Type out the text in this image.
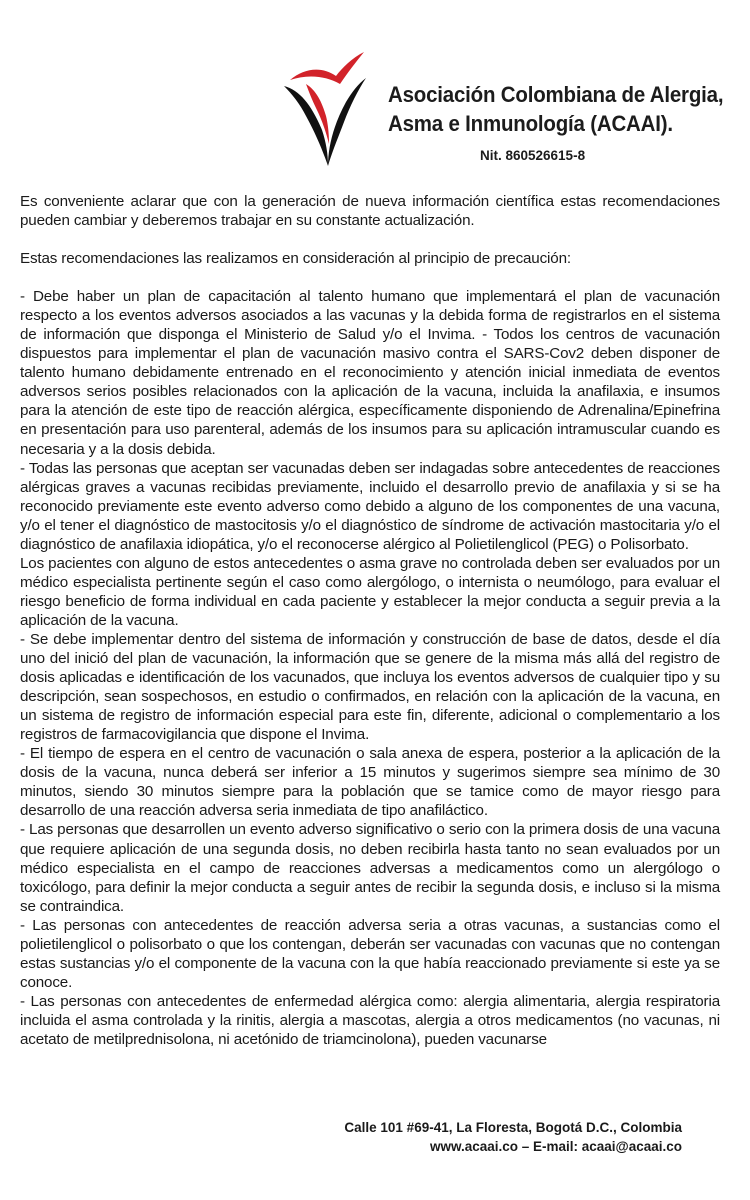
Asociación Colombiana de Alergia,
Asma e Inmunología (ACAAI).
Nit. 860526615-8

Es conveniente aclarar que con la generación de nueva información científica estas recomendaciones pueden cambiar y deberemos trabajar en su constante actualización.

Estas recomendaciones las realizamos en consideración al principio de precaución:

- Debe haber un plan de capacitación al talento humano que implementará el plan de vacunación respecto a los eventos adversos asociados a las vacunas y la debida forma de registrarlos en el sistema de información que disponga el Ministerio de Salud y/o el Invima. - Todos los centros de vacunación dispuestos para implementar el plan de vacunación masivo contra el SARS-Cov2 deben disponer de talento humano debidamente entrenado en el reconocimiento y atención inicial inmediata de eventos adversos serios posibles relacionados con la aplicación de la vacuna, incluida la anafilaxia, e insumos para la atención de este tipo de reacción alérgica, específicamente disponiendo de Adrenalina/Epinefrina en presentación para uso parenteral, además de los insumos para su aplicación intramuscular cuando es necesaria y a la dosis debida.

- Todas las personas que aceptan ser vacunadas deben ser indagadas sobre antecedentes de reacciones alérgicas graves a vacunas recibidas previamente, incluido el desarrollo previo de anafilaxia y si se ha reconocido previamente este evento adverso como debido a alguno de los componentes de una vacuna, y/o el tener el diagnóstico de mastocitosis y/o el diagnóstico de síndrome de activación mastocitaria y/o el diagnóstico de anafilaxia idiopática, y/o el reconocerse alérgico al Polietilenglicol (PEG) o Polisorbato.

Los pacientes con alguno de estos antecedentes o asma grave no controlada deben ser evaluados por un médico especialista pertinente según el caso como alergólogo, o internista o neumólogo, para evaluar el riesgo beneficio de forma individual en cada paciente y establecer la mejor conducta a seguir previa a la aplicación de la vacuna.

- Se debe implementar dentro del sistema de información y construcción de base de datos, desde el día uno del inició del plan de vacunación, la información que se genere de la misma más allá del registro de dosis aplicadas e identificación de los vacunados, que incluya los eventos adversos de cualquier tipo y su descripción, sean sospechosos, en estudio o confirmados, en relación con la aplicación de la vacuna, en un sistema de registro de información especial para este fin, diferente, adicional o complementario a los registros de farmacovigilancia que dispone el Invima.

- El tiempo de espera en el centro de vacunación o sala anexa de espera, posterior a la aplicación de la dosis de la vacuna, nunca deberá ser inferior a 15 minutos y sugerimos siempre sea mínimo de 30 minutos, siendo 30 minutos siempre para la población que se tamice como de mayor riesgo para desarrollo de una reacción adversa seria inmediata de tipo anafiláctico.

- Las personas que desarrollen un evento adverso significativo o serio con la primera dosis de una vacuna que requiere aplicación de una segunda dosis, no deben recibirla hasta tanto no sean evaluados por un médico especialista en el campo de reacciones adversas a medicamentos como un alergólogo o toxicólogo, para definir la mejor conducta a seguir antes de recibir la segunda dosis, e incluso si la misma se contraindica.

- Las personas con antecedentes de reacción adversa seria a otras vacunas, a sustancias como el polietilenglicol o polisorbato o que los contengan, deberán ser vacunadas con vacunas que no contengan estas sustancias y/o el componente de la vacuna con la que había reaccionado previamente si este ya se conoce.

- Las personas con antecedentes de enfermedad alérgica como: alergia alimentaria, alergia respiratoria incluida el asma controlada y la rinitis, alergia a mascotas, alergia a otros medicamentos (no vacunas, ni acetato de metilprednisolona, ni acetónido de triamcinolona), pueden vacunarse

Calle 101 #69-41, La Floresta, Bogotá D.C., Colombia
www.acaai.co – E-mail: acaai@acaai.co
